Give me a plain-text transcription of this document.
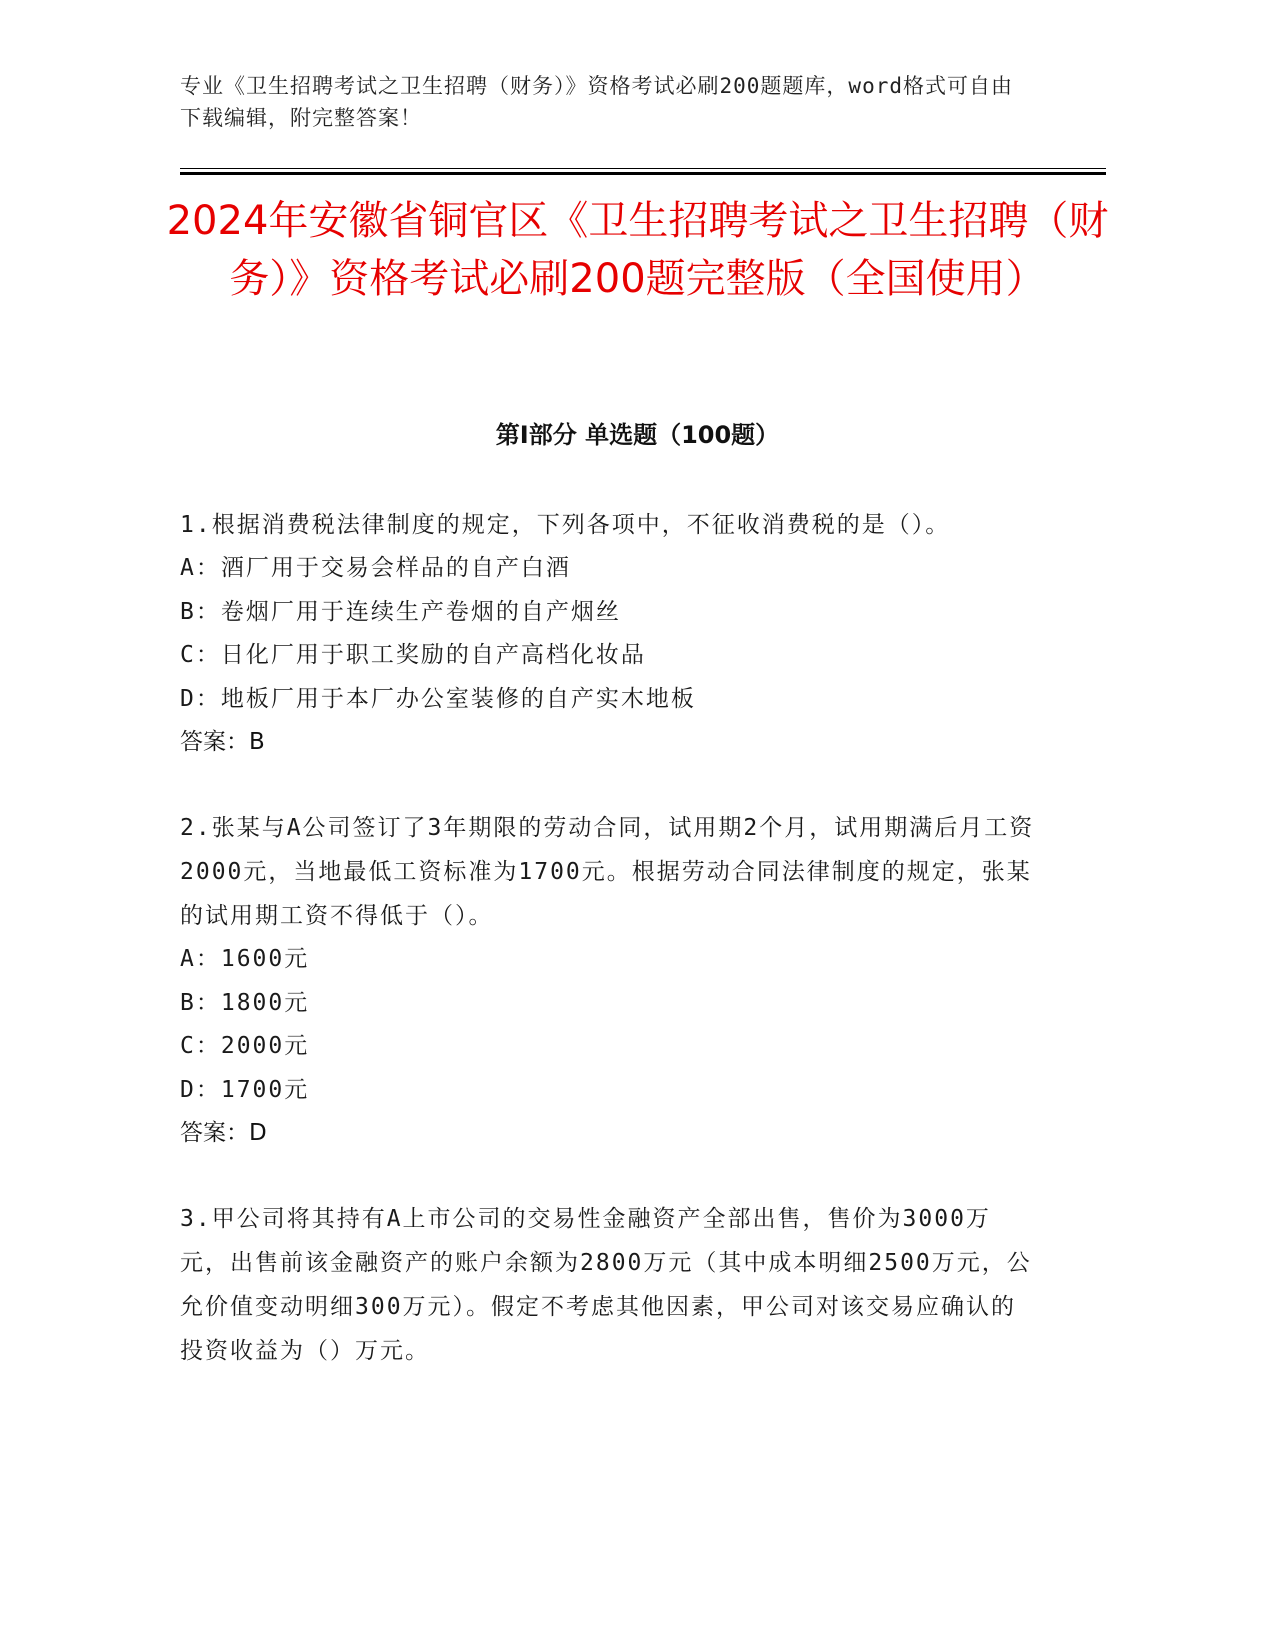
专业《卫生招聘考试之卫生招聘（财务）》资格考试必刷200题题库，word格式可自由下载编辑，附完整答案！
2024年安徽省铜官区《卫生招聘考试之卫生招聘（财务）》资格考试必刷200题完整版（全国使用）
第Ⅰ部分 单选题（100题）

1.根据消费税法律制度的规定，下列各项中，不征收消费税的是（）。

A：酒厂用于交易会样品的自产白酒

B：卷烟厂用于连续生产卷烟的自产烟丝

C：日化厂用于职工奖励的自产高档化妆品

D：地板厂用于本厂办公室装修的自产实木地板

答案：B

2.张某与A公司签订了3年期限的劳动合同，试用期2个月，试用期满后月工资2000元，当地最低工资标准为1700元。根据劳动合同法律制度的规定，张某的试用期工资不得低于（）。

A：1600元

B：1800元

C：2000元

D：1700元

答案：D

3.甲公司将其持有A上市公司的交易性金融资产全部出售，售价为3000万元，出售前该金融资产的账户余额为2800万元（其中成本明细2500万元，公允价值变动明细300万元）。假定不考虑其他因素，甲公司对该交易应确认的投资收益为（）万元。
